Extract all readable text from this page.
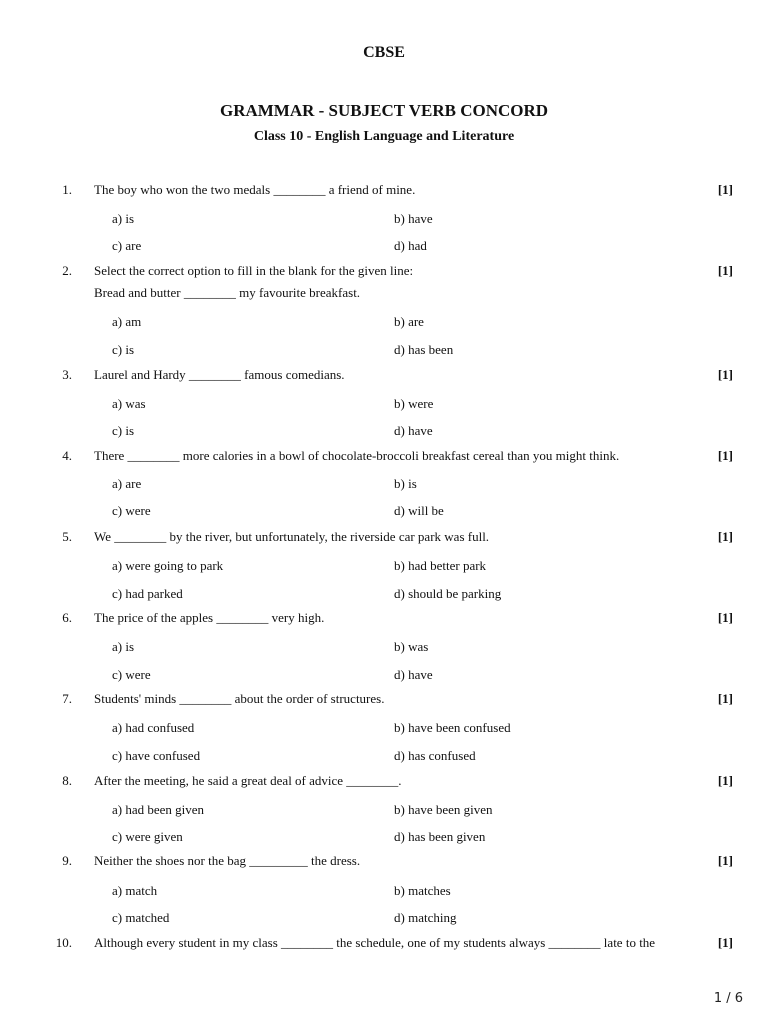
CBSE
GRAMMAR - SUBJECT VERB CONCORD
Class 10 - English Language and Literature
1. The boy who won the two medals ________ a friend of mine.	[1]
a) is	b) have
c) are	d) had
2. Select the correct option to fill in the blank for the given line:
Bread and butter ________ my favourite breakfast.
[1]
a) am	b) are
c) is	d) has been
3. Laurel and Hardy ________ famous comedians.	[1]
a) was	b) were
c) is	d) have
4. There ________ more calories in a bowl of chocolate-broccoli breakfast cereal than you might think.	[1]
a) are	b) is
c) were	d) will be
5. We ________ by the river, but unfortunately, the riverside car park was full.	[1]
a) were going to park	b) had better park
c) had parked	d) should be parking
6. The price of the apples ________ very high.	[1]
a) is	b) was
c) were	d) have
7. Students' minds ________ about the order of structures.	[1]
a) had confused	b) have been confused
c) have confused	d) has confused
8. After the meeting, he said a great deal of advice ________.	[1]
a) had been given	b) have been given
c) were given	d) has been given
9. Neither the shoes nor the bag _________ the dress.	[1]
a) match	b) matches
c) matched	d) matching
10. Although every student in my class ________ the schedule, one of my students always ________ late to the	[1]
1 / 6
